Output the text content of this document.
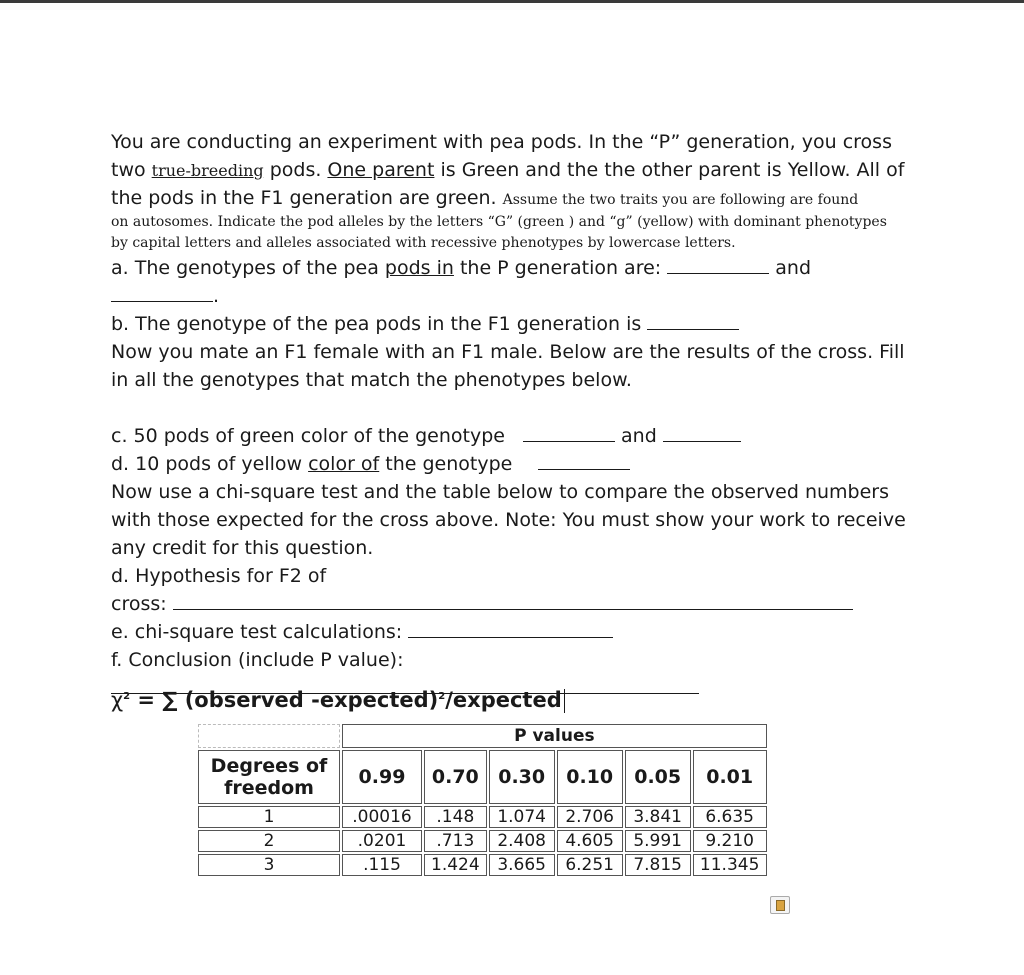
You are conducting an experiment with pea pods. In the “P” generation, you cross

two true-breeding pods. One parent is Green and the the other parent is Yellow. All of

the pods in the F1 generation are green. Assume the two traits you are following are found

on autosomes. Indicate the pod alleles by the letters “G” (green ) and “g” (yellow) with dominant phenotypes

by capital letters and alleles associated with recessive phenotypes by lowercase letters.

a. The genotypes of the pea pods in the P generation are:	and

.

b. The genotype of the pea pods in the F1 generation is

Now you mate an F1 female with an F1 male. Below are the results of the cross. Fill

in all the genotypes that match the phenotypes below.

c. 50 pods of green color of the genotype	and

d. 10 pods of yellow color of the genotype

Now use a chi-square test and the table below to compare the observed numbers

with those expected for the cross above. Note: You must show your work to receive

any credit for this question.

d. Hypothesis for F2 of

cross:

e. chi-square test calculations:

f. Conclusion (include P value):

$\chi^2$ = ∑ (observed -expected)$^2$/expected
	P values					
Degrees of
freedom	0.99	0.70	0.30	0.10	0.05	0.01
1	.00016	.148	1.074	2.706	3.841	6.635
2	.0201	.713	2.408	4.605	5.991	9.210
3	.115	1.424	3.665	6.251	7.815	11.345
